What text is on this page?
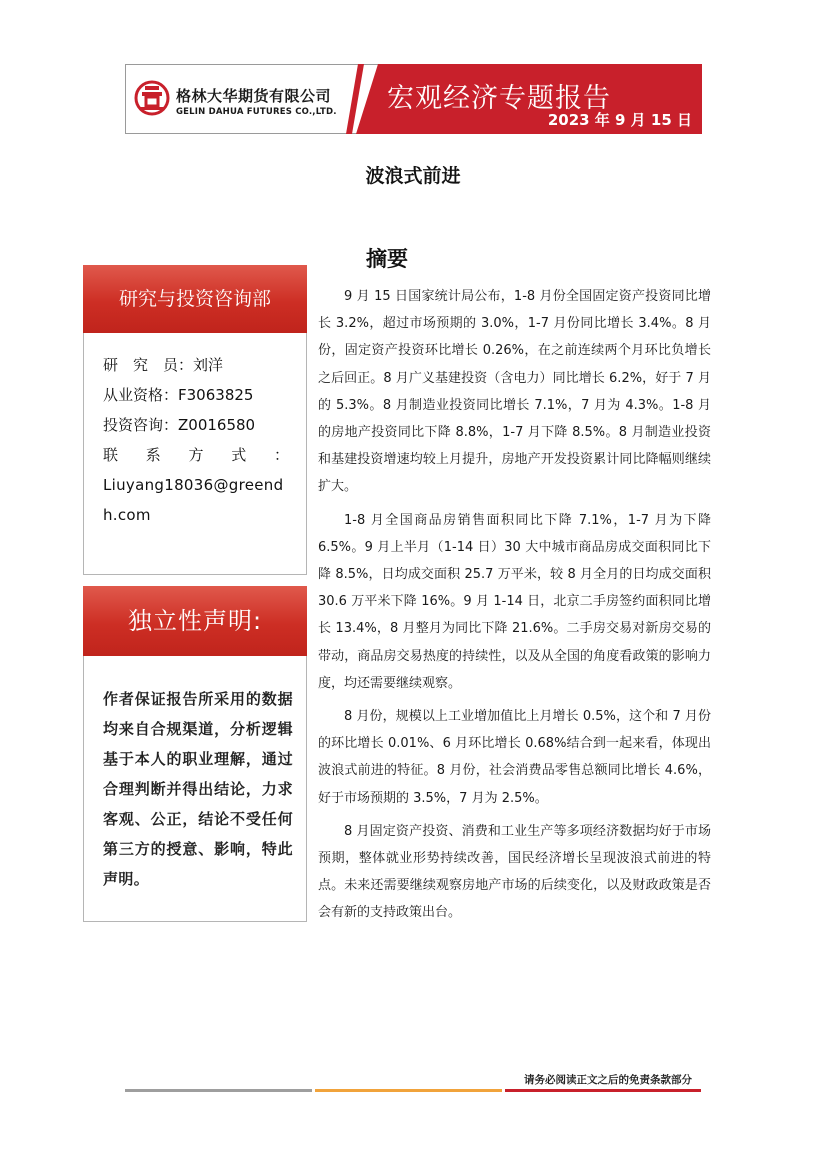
格林大华期货有限公司
GELIN DAHUA FUTURES CO.,LTD. 宏观经济专题报告
2023 年 9 月 15 日
波浪式前进
摘要
研究与投资咨询部
研　究　员：刘洋
从业资格：F3063825
投资咨询：Z0016580
联 系 方 式 ：
Liuyang18036@greendh.com
独立性声明:
作者保证报告所采用的数据均来自合规渠道，分析逻辑基于本人的职业理解，通过合理判断并得出结论，力求客观、公正，结论不受任何第三方的授意、影响，特此声明。

9 月 15 日国家统计局公布，1-8 月份全国固定资产投资同比增长 3.2%，超过市场预期的 3.0%，1-7 月份同比增长 3.4%。8 月份，固定资产投资环比增长 0.26%，在之前连续两个月环比负增长之后回正。8 月广义基建投资（含电力）同比增长 6.2%，好于 7 月的 5.3%。8 月制造业投资同比增长 7.1%，7 月为 4.3%。1-8 月的房地产投资同比下降 8.8%，1-7 月下降 8.5%。8 月制造业投资和基建投资增速均较上月提升，房地产开发投资累计同比降幅则继续扩大。

1-8 月全国商品房销售面积同比下降 7.1%，1-7 月为下降 6.5%。9 月上半月（1-14 日）30 大中城市商品房成交面积同比下降 8.5%，日均成交面积 25.7 万平米，较 8 月全月的日均成交面积 30.6 万平米下降 16%。9 月 1-14 日，北京二手房签约面积同比增长 13.4%，8 月整月为同比下降 21.6%。二手房交易对新房交易的带动，商品房交易热度的持续性，以及从全国的角度看政策的影响力度，均还需要继续观察。

8 月份，规模以上工业增加值比上月增长 0.5%，这个和 7 月份的环比增长 0.01%、6 月环比增长 0.68%结合到一起来看，体现出波浪式前进的特征。8 月份，社会消费品零售总额同比增长 4.6%，好于市场预期的 3.5%，7 月为 2.5%。

8 月固定资产投资、消费和工业生产等多项经济数据均好于市场预期，整体就业形势持续改善，国民经济增长呈现波浪式前进的特点。未来还需要继续观察房地产市场的后续变化，以及财政政策是否会有新的支持政策出台。

请务必阅读正文之后的免责条款部分
